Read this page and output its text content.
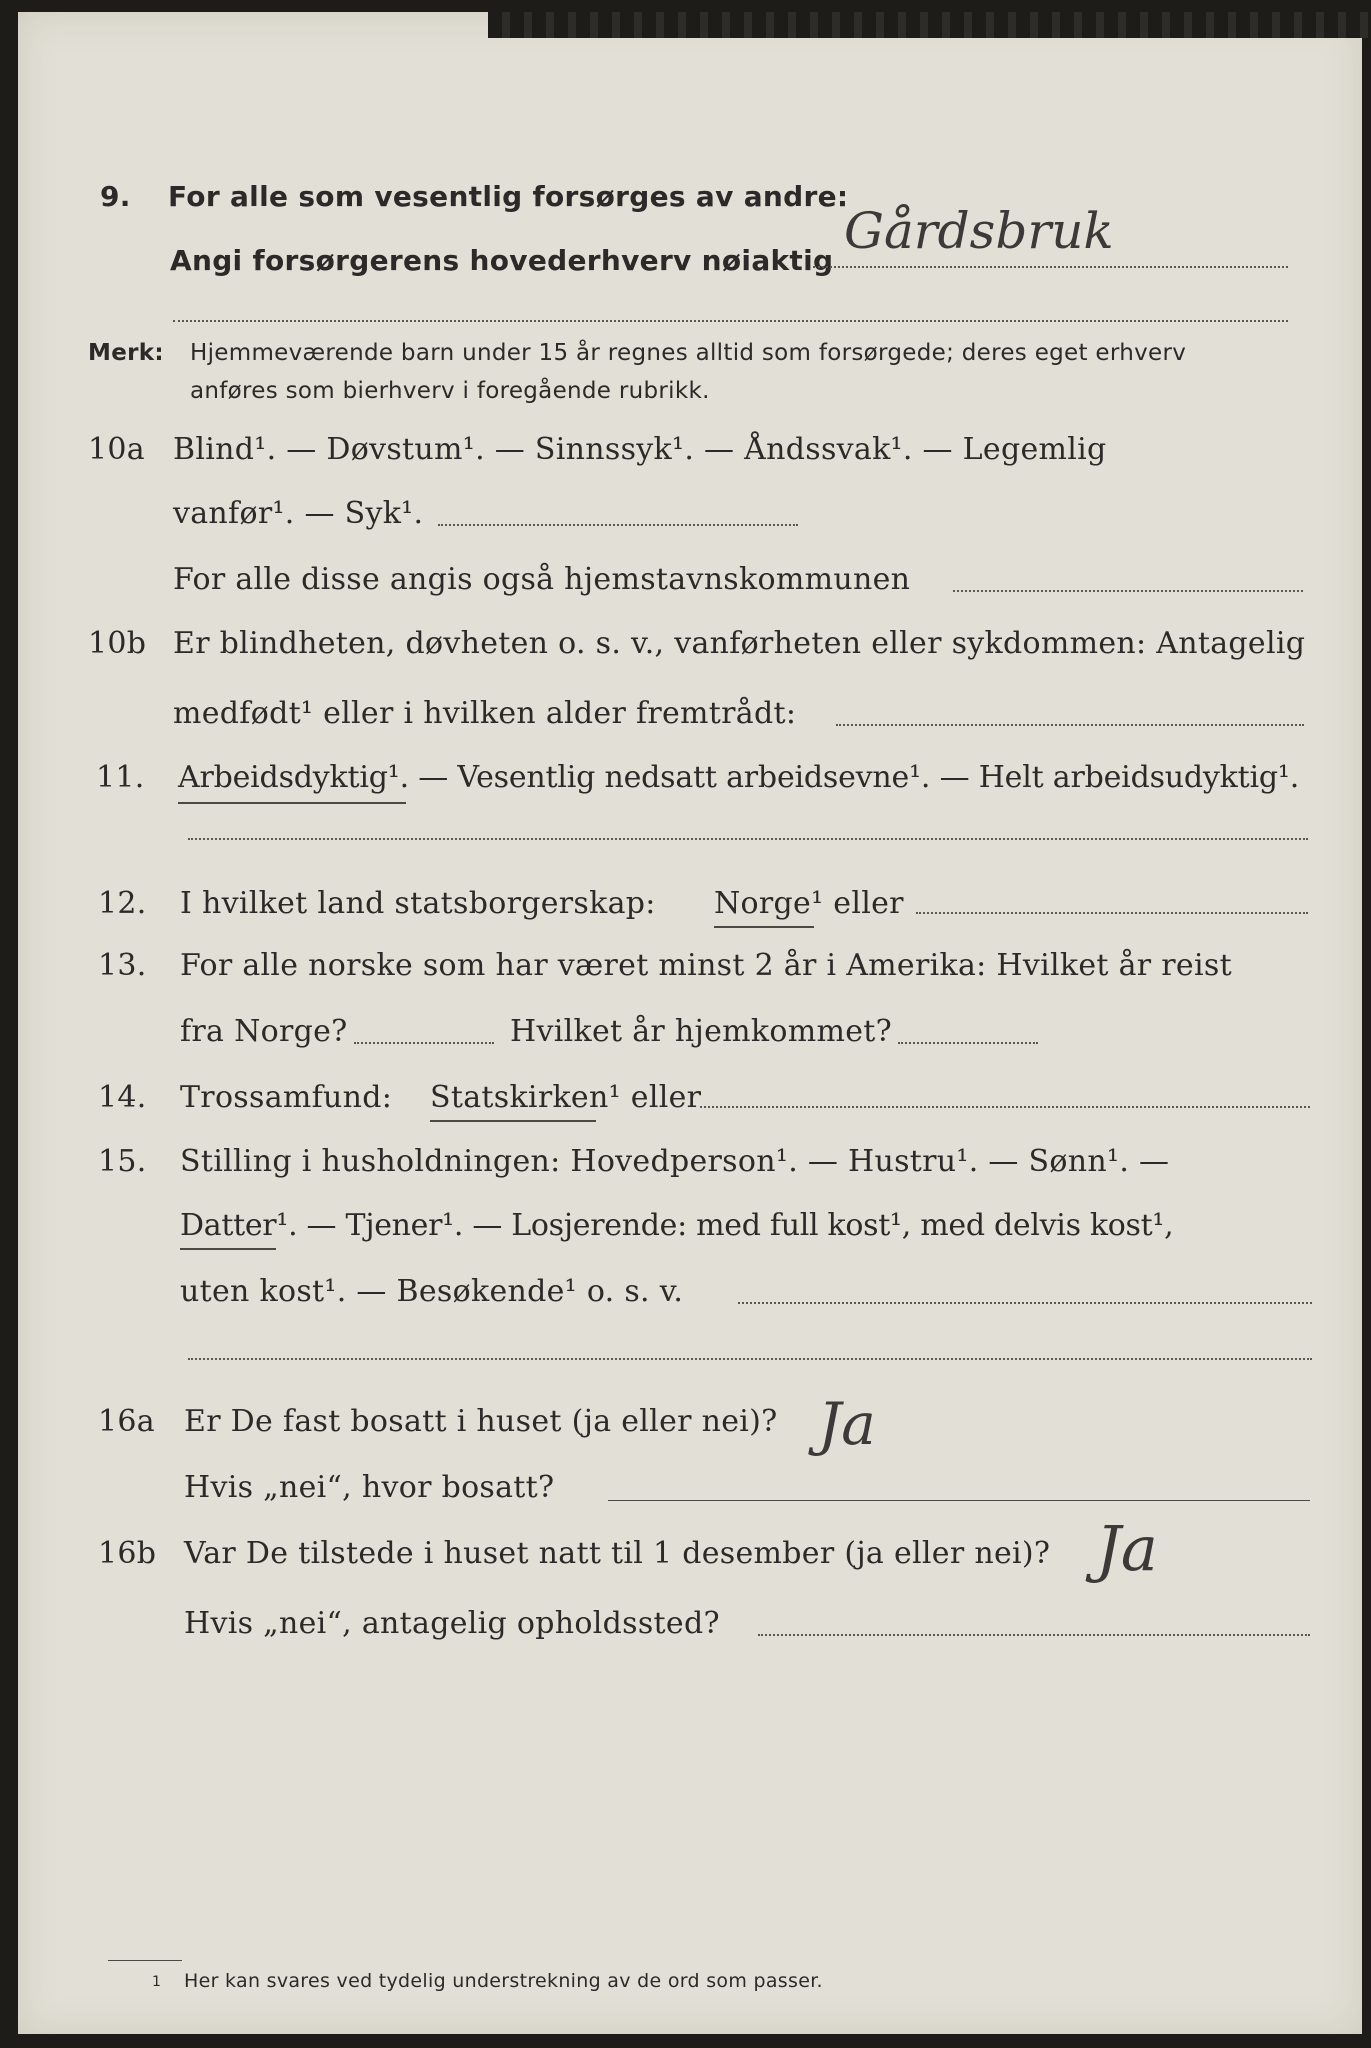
9. For alle som vesentlig forsørges av andre:
Gårdsbruk
Angi forsørgerens hovederhverv nøiaktig
Merk: Hjemmeværende barn under 15 år regnes alltid som forsørgede; deres eget erhverv
anføres som bierhverv i foregående rubrikk.
10a Blind¹. — Døvstum¹. — Sinnssyk¹. — Åndssvak¹. — Legemlig
vanfør¹. — Syk¹.
For alle disse angis også hjemstavnskommunen
10b Er blindheten, døvheten o. s. v., vanførheten eller sykdommen: Antagelig
medfødt¹ eller i hvilken alder fremtrådt:
11. Arbeidsdyktig¹. — Vesentlig nedsatt arbeidsevne¹. — Helt arbeidsudyktig¹.
12. I hvilket land statsborgerskap: Norge¹ eller
13. For alle norske som har været minst 2 år i Amerika: Hvilket år reist
fra Norge?	Hvilket år hjemkommet?
14. Trossamfund: Statskirken¹ eller
15. Stilling i husholdningen: Hovedperson¹. — Hustru¹. — Sønn¹. —
Datter¹. — Tjener¹. — Losjerende: med full kost¹, med delvis kost¹,
uten kost¹. — Besøkende¹ o. s. v.
16a Er De fast bosatt i huset (ja eller nei)? Ja
Hvis „nei“, hvor bosatt?
16b Var De tilstede i huset natt til 1 desember (ja eller nei)? Ja
Hvis „nei“, antagelig opholdssted?
1 Her kan svares ved tydelig understrekning av de ord som passer.
